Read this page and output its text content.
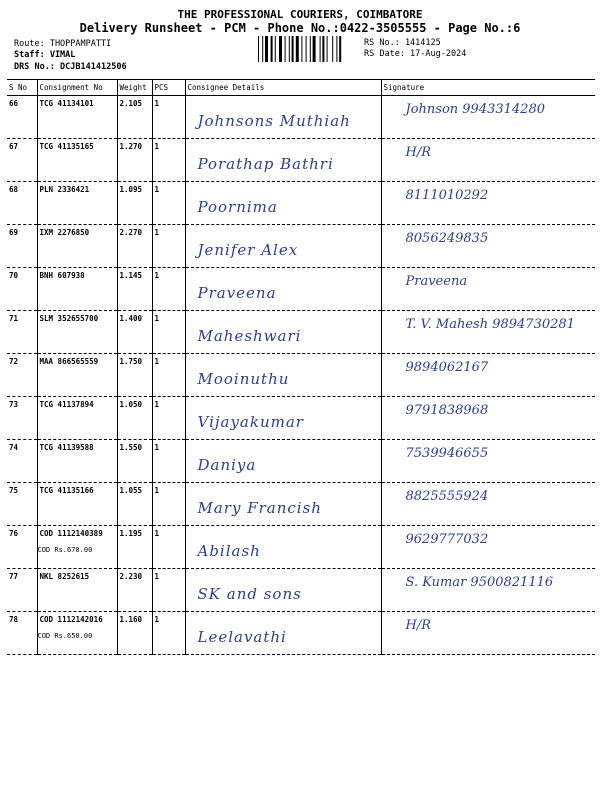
THE PROFESSIONAL COURIERS, COIMBATORE
Delivery Runsheet - PCM - Phone No.:0422-3505555 - Page No.:6
Route: THOPPAMPATTI
Staff: VIMAL
DRS No.: DCJB141412506
RS No.: 1414125
RS Date: 17-Aug-2024
S No	Consignment No	Weight	PCS	Consignee Details	Signature

66	TCG 41134101	2.105	1	Johnsons Muthiah	Johnson 9943314280

67	TCG 41135165	1.270	1	Porathap Bathri	H/R

68	PLN 2336421	1.095	1	Poornima	8111010292

69	IXM 2276850	2.270	1	Jenifer Alex	8056249835

70	BNH 607938	1.145	1	Praveena	Praveena

71	SLM 352655700	1.400	1	Maheshwari	T. V. Mahesh 9894730281

72	MAA 866565559	1.750	1	Mooinuthu	9894062167

73	TCG 41137894	1.050	1	Vijayakumar	9791838968

74	TCG 41139588	1.550	1	Daniya	7539946655

75	TCG 41135166	1.055	1	Mary Francish	8825555924

76	COD 1112140389
COD Rs.670.00	1.195	1	Abilash	9629777032

77	NKL 8252615	2.230	1	SK and sons	S. Kumar 9500821116

78	COD 1112142016
COD Rs.650.00	1.160	1	Leelavathi	H/R
